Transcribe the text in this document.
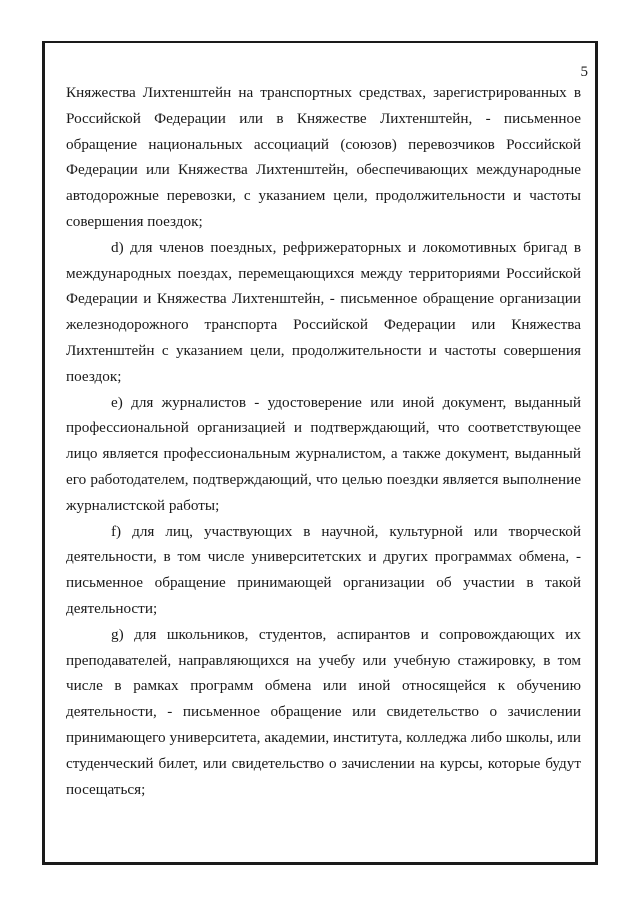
5

Княжества Лихтенштейн на транспортных средствах, зарегистрированных в Российской Федерации или в Княжестве Лихтенштейн, - письменное обращение национальных ассоциаций (союзов) перевозчиков Российской Федерации или Княжества Лихтенштейн, обеспечивающих международные автодорожные перевозки, с указанием цели, продолжительности и частоты совершения поездок;

d) для членов поездных, рефрижераторных и локомотивных бригад в международных поездах, перемещающихся между территориями Российской Федерации и Княжества Лихтенштейн, - письменное обращение организации железнодорожного транспорта Российской Федерации или Княжества Лихтенштейн с указанием цели, продолжительности и частоты совершения поездок;

e) для журналистов - удостоверение или иной документ, выданный профессиональной организацией и подтверждающий, что соответствующее лицо является профессиональным журналистом, а также документ, выданный его работодателем, подтверждающий, что целью поездки является выполнение журналистской работы;

f) для лиц, участвующих в научной, культурной или творческой деятельности, в том числе университетских и других программах обмена, - письменное обращение принимающей организации об участии в такой деятельности;

g) для школьников, студентов, аспирантов и сопровождающих их преподавателей, направляющихся на учебу или учебную стажировку, в том числе в рамках программ обмена или иной относящейся к обучению деятельности, - письменное обращение или свидетельство о зачислении принимающего университета, академии, института, колледжа либо школы, или студенческий билет, или свидетельство о зачислении на курсы, которые будут посещаться;
